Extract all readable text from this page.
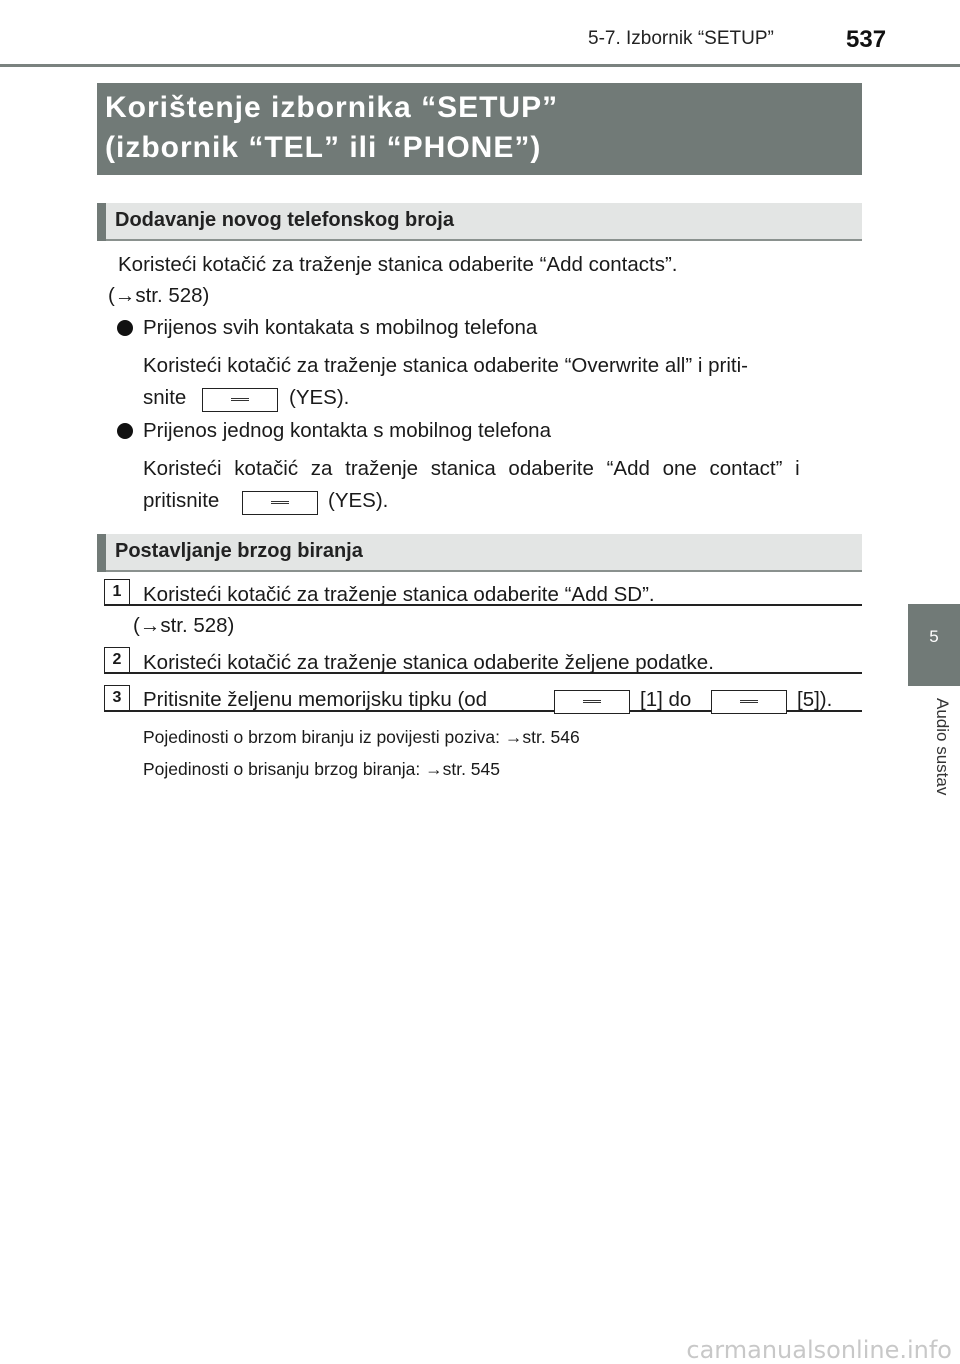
5-7. Izbornik “SETUP”	537
5
Audio sustav
Korištenje izbornika “SETUP”
(izbornik “TEL” ili “PHONE”)
Dodavanje novog telefonskog broja
Koristeći kotačić za traženje stanica odaberite “Add contacts”.
(→str. 528)
Prijenos svih kontakata s mobilnog telefona
Koristeći kotačić za traženje stanica odaberite “Overwrite all” i priti-
snite	(YES).
Prijenos jednog kontakta s mobilnog telefona
Koristeći kotačić za traženje stanica odaberite “Add one contact” i
pritisnite	(YES).
Postavljanje brzog biranja
1	Koristeći kotačić za traženje stanica odaberite “Add SD”.
(→str. 528)
2	Koristeći kotačić za traženje stanica odaberite željene podatke.
3	Pritisnite željenu memorijsku tipku (od	[1] do	[5]).
Pojedinosti o brzom biranju iz povijesti poziva: →str. 546
Pojedinosti o brisanju brzog biranja: →str. 545
carmanualsonline.info
